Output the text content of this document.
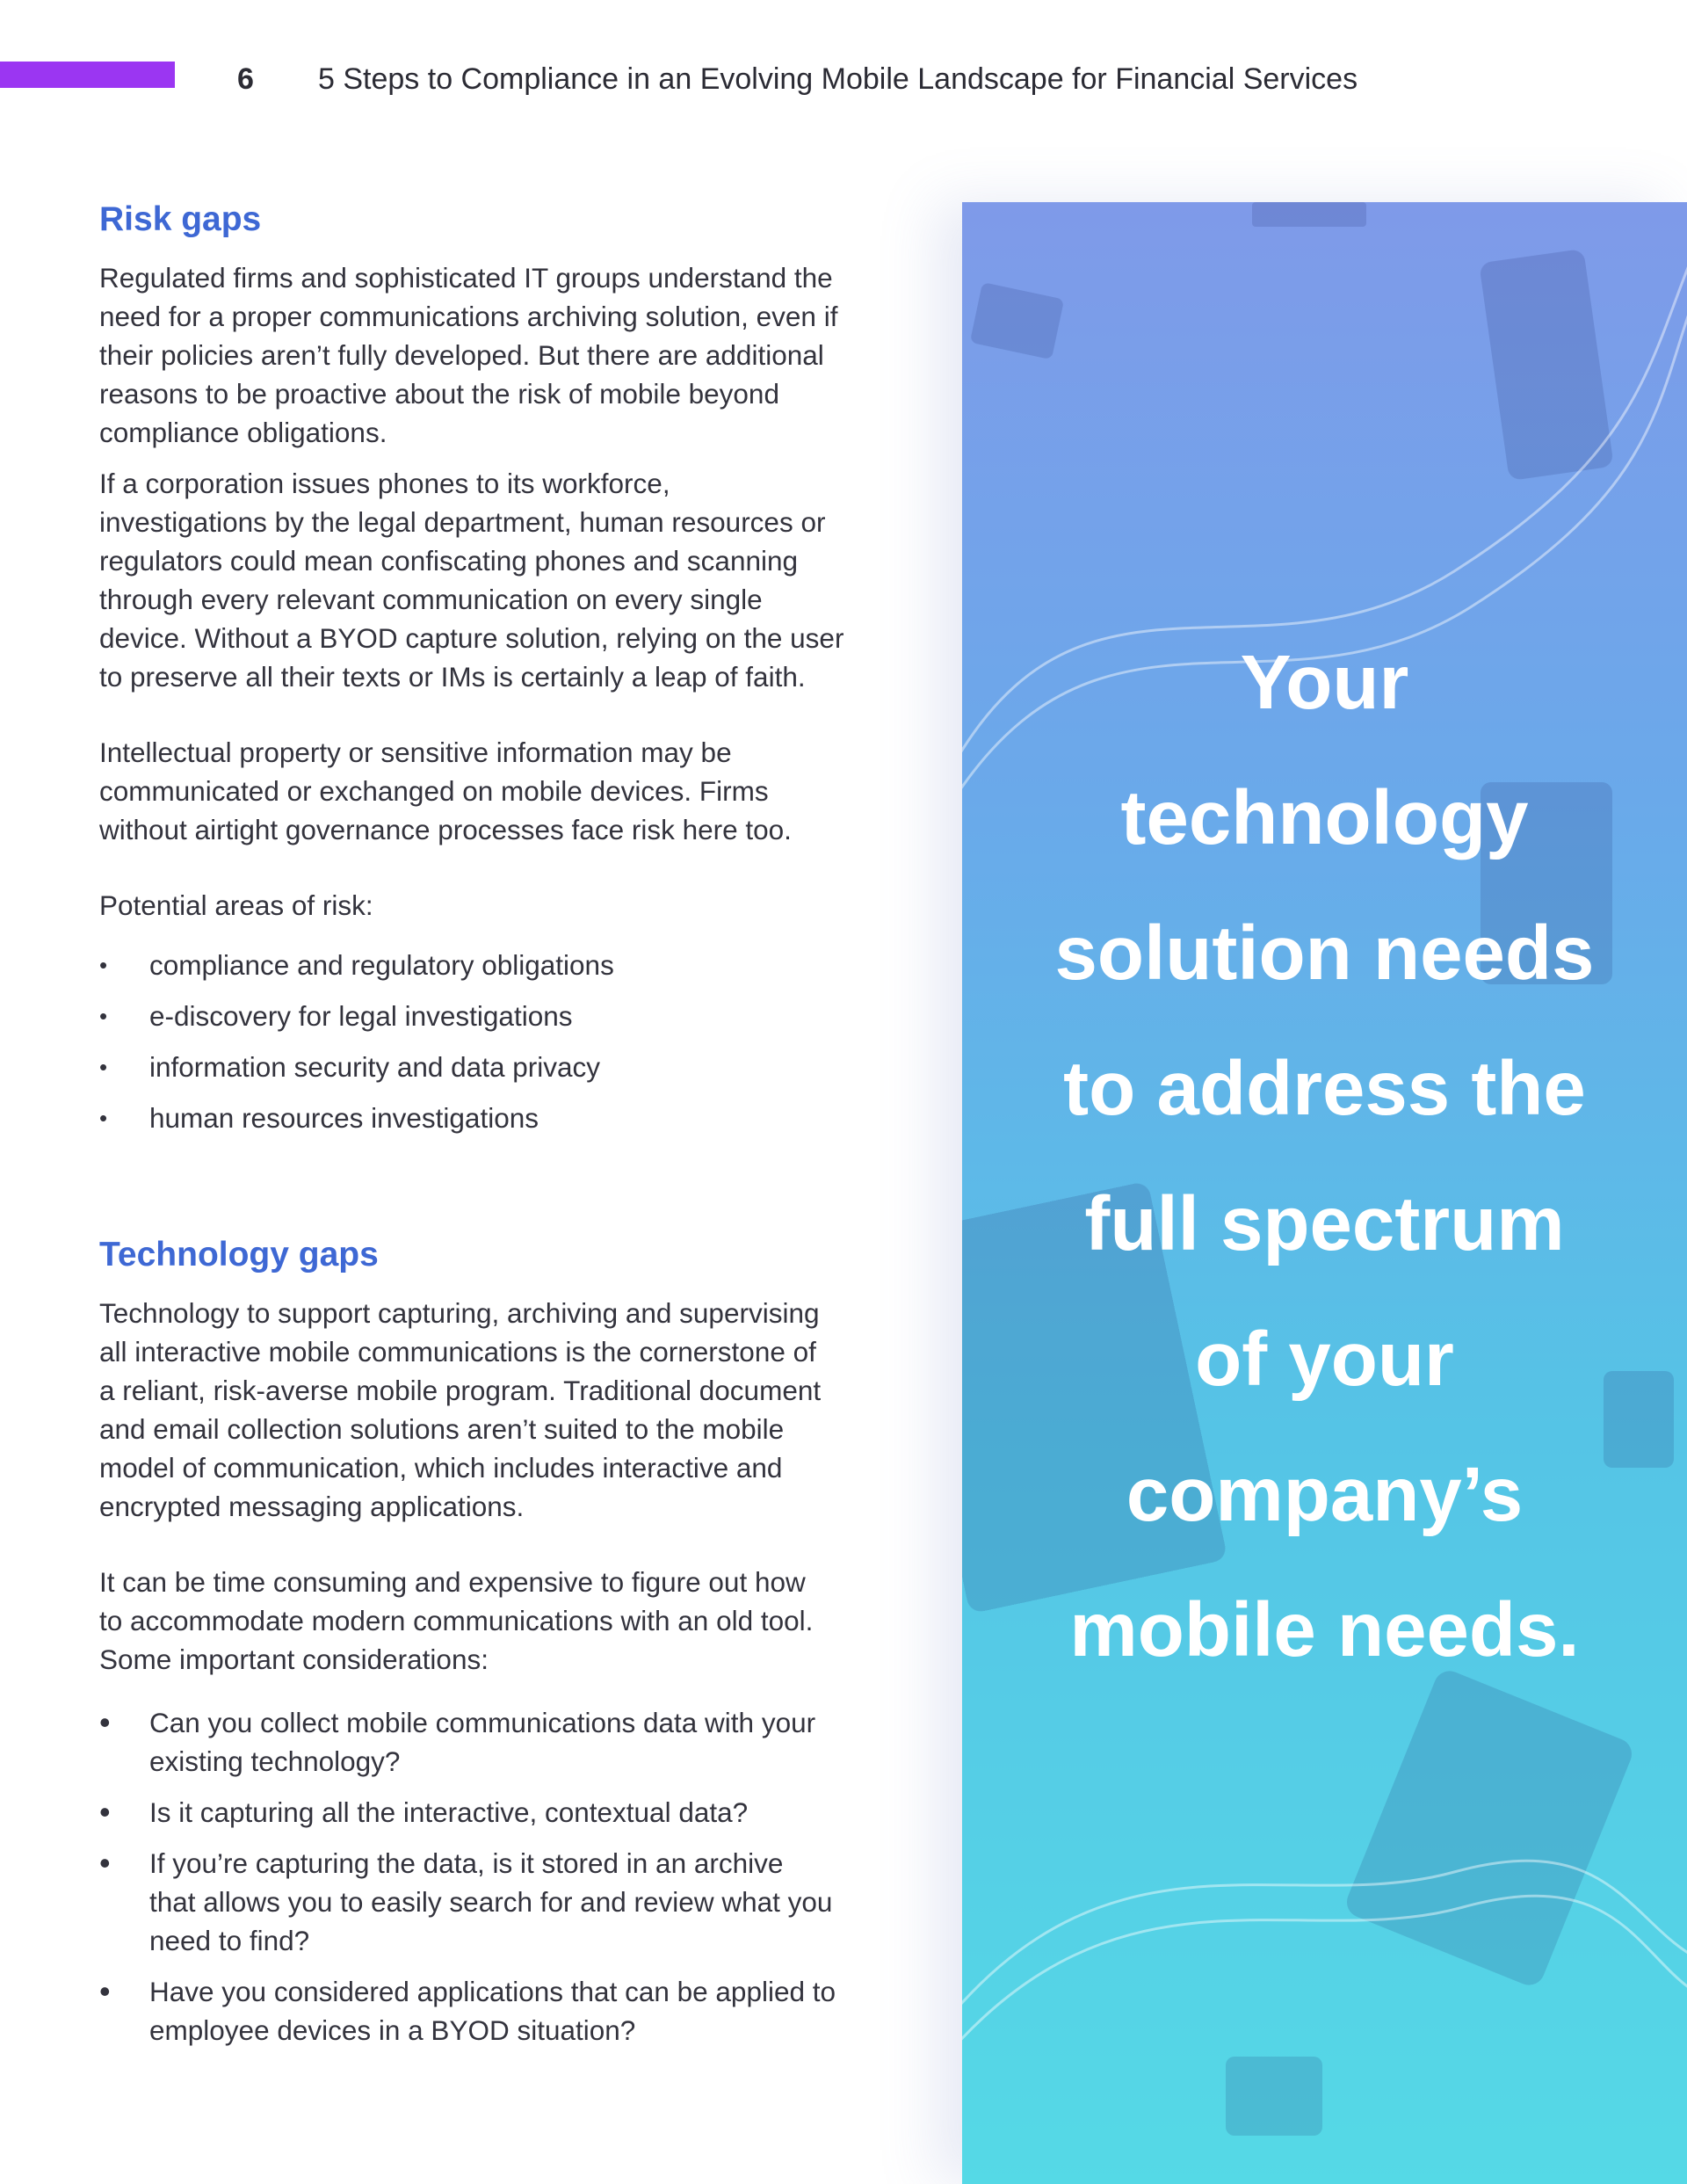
6	5 Steps to Compliance in an Evolving Mobile Landscape for Financial Services
Risk gaps

Regulated firms and sophisticated IT groups understand the
need for a proper communications archiving solution, even if
their policies aren’t fully developed. But there are additional
reasons to be proactive about the risk of mobile beyond
compliance obligations.

If a corporation issues phones to its workforce,
investigations by the legal department, human resources or
regulators could mean confiscating phones and scanning
through every relevant communication on every single
device. Without a BYOD capture solution, relying on the user
to preserve all their texts or IMs is certainly a leap of faith.

Intellectual property or sensitive information may be
communicated or exchanged on mobile devices. Firms
without airtight governance processes face risk here too.

Potential areas of risk:

•	compliance and regulatory obligations
•	e-discovery for legal investigations
•	information security and data privacy
•	human resources investigations
Technology gaps

Technology to support capturing, archiving and supervising
all interactive mobile communications is the cornerstone of
a reliant, risk-averse mobile program. Traditional document
and email collection solutions aren’t suited to the mobile
model of communication, which includes interactive and
encrypted messaging applications.

It can be time consuming and expensive to figure out how
to accommodate modern communications with an old tool.
Some important considerations:

•	Can you collect mobile communications data with your
existing technology?
•	Is it capturing all the interactive, contextual data?
•	If you’re capturing the data, is it stored in an archive
that allows you to easily search for and review what you
need to find?
•	Have you considered applications that can be applied to
employee devices in a BYOD situation?
Your
technology
solution needs
to address the
full spectrum
of your
company’s
mobile needs.
